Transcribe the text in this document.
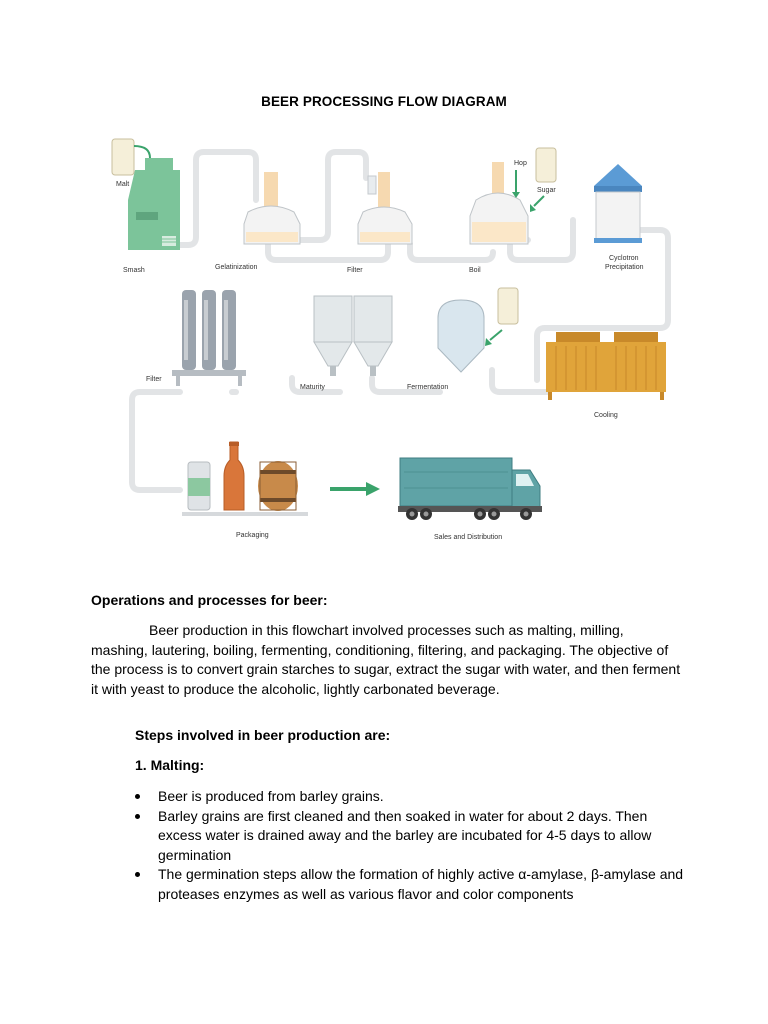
BEER PROCESSING FLOW DIAGRAM
Malt
Smash	Gelatinization	Filter	Boil
Hop
Sugar
Cyclotron
Precipitation
Filter
Maturity	Fermentation
Cooling
Packaging	Sales and Distribution
Operations and processes for beer:
Beer production in this flowchart involved processes such as malting, milling, mashing, lautering, boiling, fermenting, conditioning, filtering, and packaging. The objective of the process is to convert grain starches to sugar, extract the sugar with water, and then ferment it with yeast to produce the alcoholic, lightly carbonated beverage.
Steps involved in beer production are:
1. Malting:
Beer is produced from barley grains.
Barley grains are first cleaned and then soaked in water for about 2 days. Then excess water is drained away and the barley are incubated for 4-5 days to allow germination
The germination steps allow the formation of highly active α-amylase, β-amylase and proteases enzymes as well as various flavor and color components
